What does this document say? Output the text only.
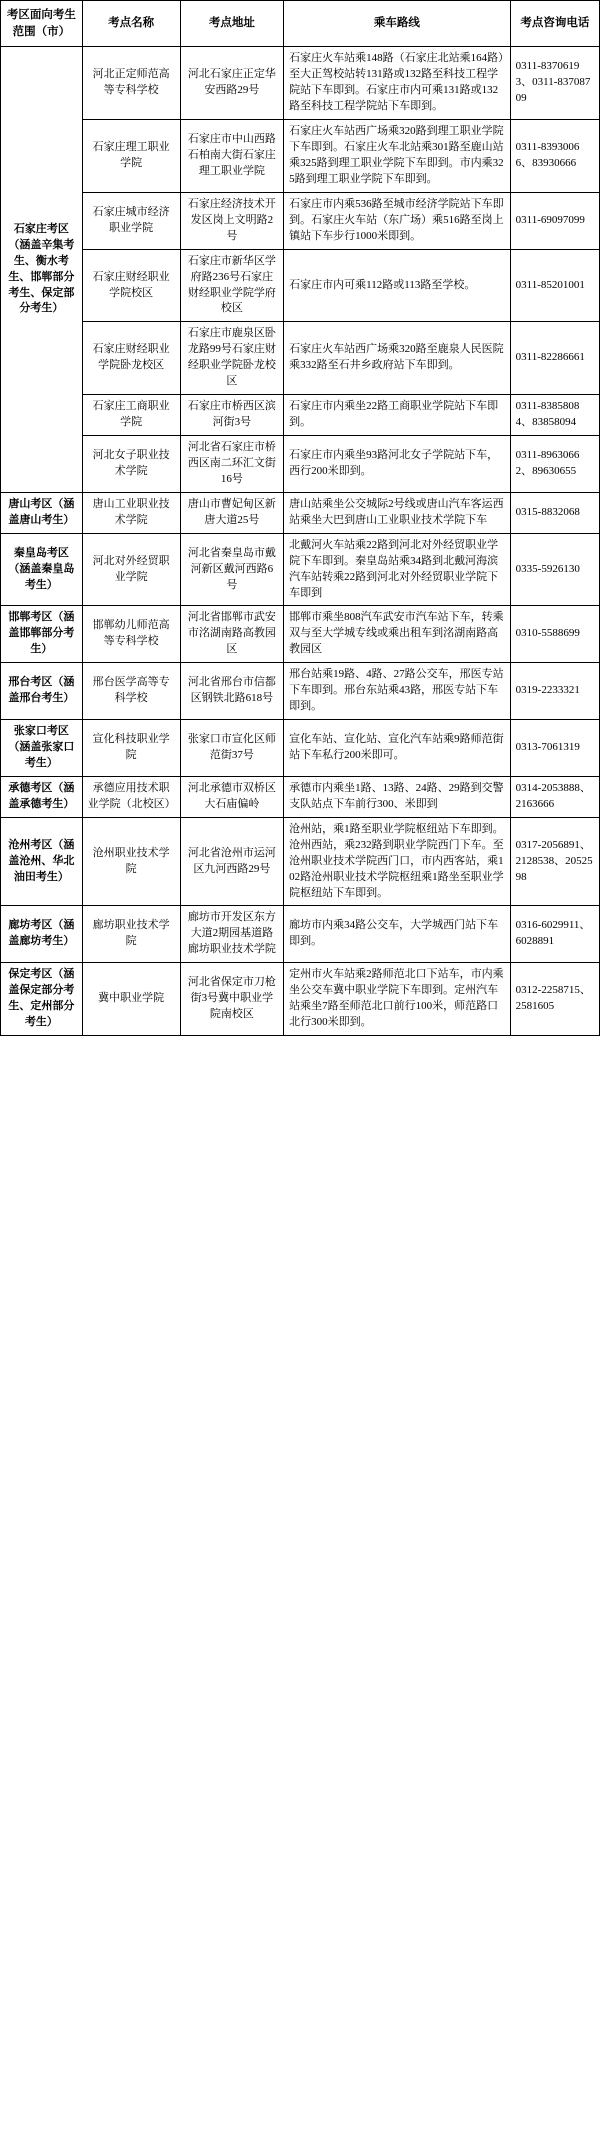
考区面向考生范围（市）	考点名称	考点地址	乘车路线	考点咨询电话
石家庄考区（涵盖辛集考生、衡水考生、邯郸部分考生、保定部分考生）	河北正定师范高等专科学校	河北石家庄正定华安西路29号	石家庄火车站乘148路（石家庄北站乘164路）至大正驾校站转131路或132路至科技工程学院站下车即到。石家庄市内可乘131路或132路至科技工程学院站下车即到。	0311-83706193、0311-83708709
	石家庄理工职业学院	石家庄市中山西路石柏南大街石家庄理工职业学院	石家庄火车站西广场乘320路到理工职业学院下车即到。石家庄火车北站乘301路至鹿山站乘325路到理工职业学院下车即到。市内乘325路到理工职业学院下车即到。	0311-83930066、83930666
	石家庄城市经济职业学院	石家庄经济技术开发区岗上文明路2号	石家庄市内乘536路至城市经济学院站下车即到。石家庄火车站（东广场）乘516路至岗上镇站下车步行1000米即到。	0311-69097099
	石家庄财经职业学院校区	石家庄市新华区学府路236号石家庄财经职业学院学府校区	石家庄市内可乘112路或113路至学校。	0311-85201001
	石家庄财经职业学院卧龙校区	石家庄市鹿泉区卧龙路99号石家庄财经职业学院卧龙校区	石家庄火车站西广场乘320路至鹿泉人民医院乘332路至石井乡政府站下车即到。	0311-82286661
	石家庄工商职业学院	石家庄市桥西区滨河街3号	石家庄市内乘坐22路工商职业学院站下车即到。	0311-83858084、83858094
	河北女子职业技术学院	河北省石家庄市桥西区南二环汇文街16号	石家庄市内乘坐93路河北女子学院站下车，西行200米即到。	0311-89630662、89630655
唐山考区（涵盖唐山考生）	唐山工业职业技术学院	唐山市曹妃甸区新唐大道25号	唐山站乘坐公交城际2号线或唐山汽车客运西站乘坐大巴到唐山工业职业技术学院下车	0315-8832068
秦皇岛考区（涵盖秦皇岛考生）	河北对外经贸职业学院	河北省秦皇岛市戴河新区戴河西路6号	北戴河火车站乘22路到河北对外经贸职业学院下车即到。秦皇岛站乘34路到北戴河海滨汽车站转乘22路到河北对外经贸职业学院下车即到	0335-5926130
邯郸考区（涵盖邯郸部分考生）	邯郸幼儿师范高等专科学校	河北省邯郸市武安市洺湖南路高教园区	邯郸市乘坐808汽车武安市汽车站下车，转乘双与至大学城专线或乘出租车到洺湖南路高教园区	0310-5588699
邢台考区（涵盖邢台考生）	邢台医学高等专科学校	河北省邢台市信都区钢铁北路618号	邢台站乘19路、4路、27路公交车，邢医专站下车即到。邢台东站乘43路，邢医专站下车即到。	0319-2233321
张家口考区（涵盖张家口考生）	宣化科技职业学院	张家口市宣化区师范街37号	宣化车站、宣化站、宣化汽车站乘9路师范街站下车私行200米即可。	0313-7061319
承德考区（涵盖承德考生）	承德应用技术职业学院（北校区）	河北承德市双桥区大石庙偏岭	承德市内乘坐1路、13路、24路、29路到交警支队站点下车前行300、米即到	0314-2053888、2163666
沧州考区（涵盖沧州、华北油田考生）	沧州职业技术学院	河北省沧州市运河区九河西路29号	沧州站，乘1路至职业学院枢纽站下车即到。沧州西站，乘232路到职业学院西门下车。至沧州职业技术学院西门口，市内西客站，乘102路沧州职业技术学院枢纽乘1路坐至职业学院枢纽站下车即到。	0317-2056891、2128538、2052598
廊坊考区（涵盖廊坊考生）	廊坊职业技术学院	廊坊市开发区东方大道2期园基道路廊坊职业技术学院	廊坊市内乘34路公交车，大学城西门站下车即到。	0316-6029911、6028891
保定考区（涵盖保定部分考生、定州部分考生）	冀中职业学院	河北省保定市刀枪街3号冀中职业学院南校区	定州市火车站乘2路师范北口下站车，市内乘坐公交车冀中职业学院下车即到。定州汽车站乘坐7路至师范北口前行100米，师范路口北行300米即到。	0312-2258715、2581605
